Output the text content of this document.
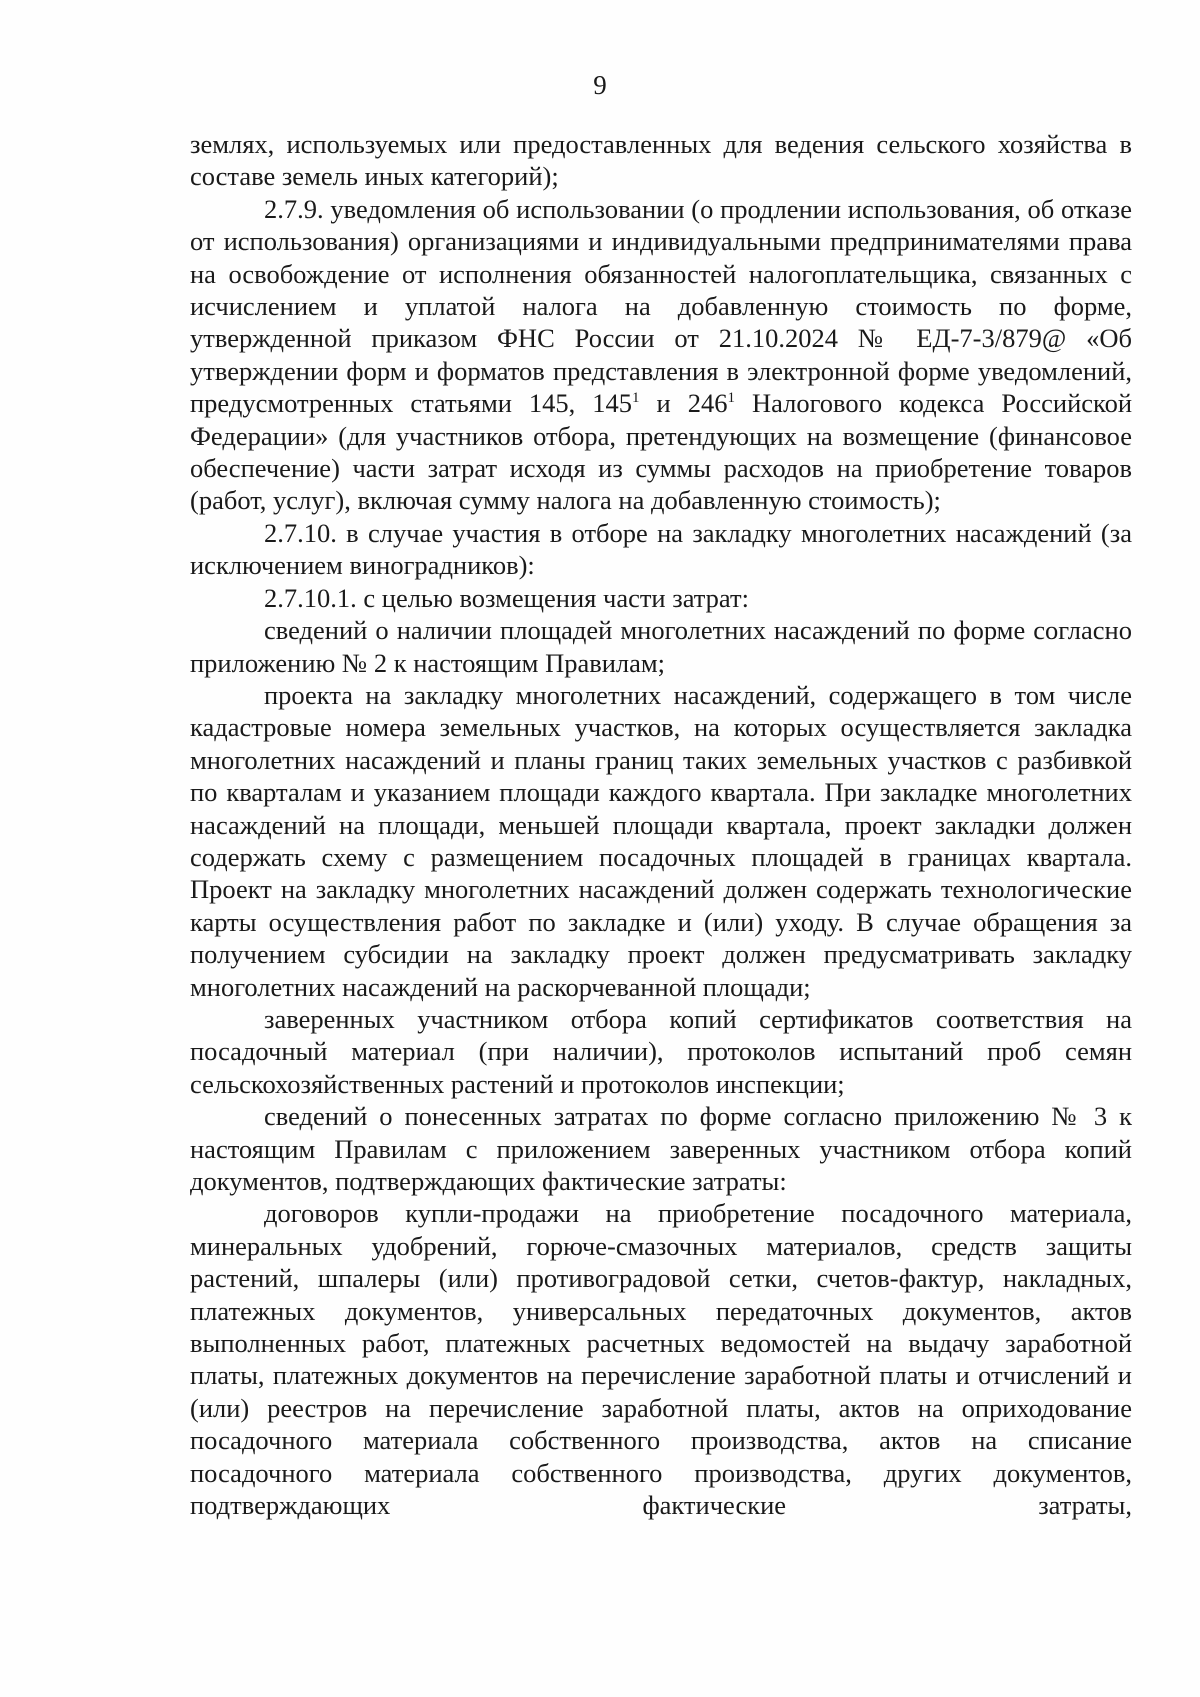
9

землях, используемых или предоставленных для ведения сельского хозяйства в составе земель иных категорий);

2.7.9. уведомления об использовании (о продлении использования, об отказе от использования) организациями и индивидуальными предпринимателями права на освобождение от исполнения обязанностей налогоплательщика, связанных с исчислением и уплатой налога на добавленную стоимость по форме, утвержденной приказом ФНС России от 21.10.2024 № ЕД-7-3/879@ «Об утверждении форм и форматов представления в электронной форме уведомлений, предусмотренных статьями 145, $145^1$ и $246^1$ Налогового кодекса Российской Федерации» (для участников отбора, претендующих на возмещение (финансовое обеспечение) части затрат исходя из суммы расходов на приобретение товаров (работ, услуг), включая сумму налога на добавленную стоимость);

2.7.10. в случае участия в отборе на закладку многолетних насаждений (за исключением виноградников):

2.7.10.1. с целью возмещения части затрат:

сведений о наличии площадей многолетних насаждений по форме согласно приложению № 2 к настоящим Правилам;

проекта на закладку многолетних насаждений, содержащего в том числе кадастровые номера земельных участков, на которых осуществляется закладка многолетних насаждений и планы границ таких земельных участков с разбивкой по кварталам и указанием площади каждого квартала. При закладке многолетних насаждений на площади, меньшей площади квартала, проект закладки должен содержать схему с размещением посадочных площадей в границах квартала. Проект на закладку многолетних насаждений должен содержать технологические карты осуществления работ по закладке и (или) уходу. В случае обращения за получением субсидии на закладку проект должен предусматривать закладку многолетних насаждений на раскорчеванной площади;

заверенных участником отбора копий сертификатов соответствия на посадочный материал (при наличии), протоколов испытаний проб семян сельскохозяйственных растений и протоколов инспекции;

сведений о понесенных затратах по форме согласно приложению № 3 к настоящим Правилам с приложением заверенных участником отбора копий документов, подтверждающих фактические затраты:

договоров купли-продажи на приобретение посадочного материала, минеральных удобрений, горюче-смазочных материалов, средств защиты растений, шпалеры (или) противоградовой сетки, счетов-фактур, накладных, платежных документов, универсальных передаточных документов, актов выполненных работ, платежных расчетных ведомостей на выдачу заработной платы, платежных документов на перечисление заработной платы и отчислений и (или) реестров на перечисление заработной платы, актов на оприходование посадочного материала собственного производства, актов на списание посадочного материала собственного производства, других документов, подтверждающих фактические затраты,
